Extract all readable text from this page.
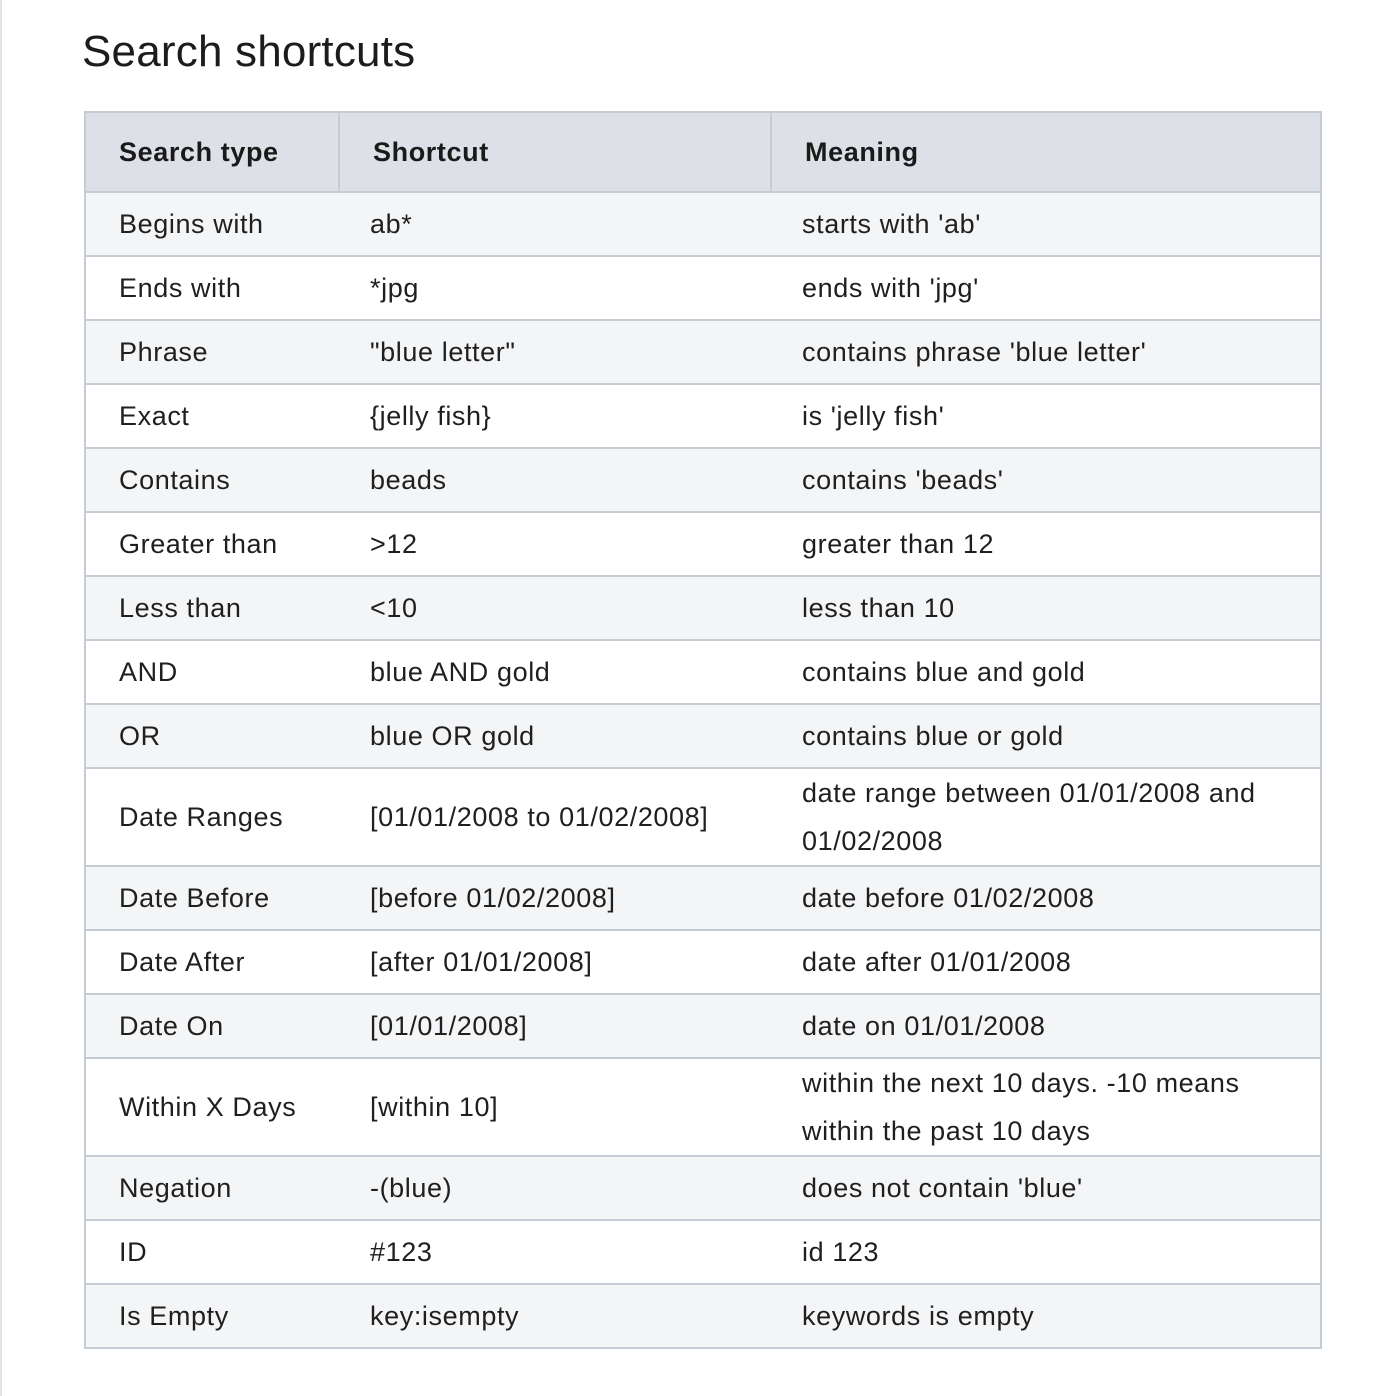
Search shortcuts
Search type	Shortcut	Meaning
Begins with	ab*	starts with 'ab'
Ends with	*jpg	ends with 'jpg'
Phrase	"blue letter"	contains phrase 'blue letter'
Exact	{jelly fish}	is 'jelly fish'
Contains	beads	contains 'beads'
Greater than	>12	greater than 12
Less than	<10	less than 10
AND	blue AND gold	contains blue and gold
OR	blue OR gold	contains blue or gold
Date Ranges	[01/01/2008 to 01/02/2008]	date range between 01/01/2008 and 01/02/2008
Date Before	[before 01/02/2008]	date before 01/02/2008
Date After	[after 01/01/2008]	date after 01/01/2008
Date On	[01/01/2008]	date on 01/01/2008
Within X Days	[within 10]	within the next 10 days. -10 means within the past 10 days
Negation	-(blue)	does not contain 'blue'
ID	#123	id 123
Is Empty	key:isempty	keywords is empty
